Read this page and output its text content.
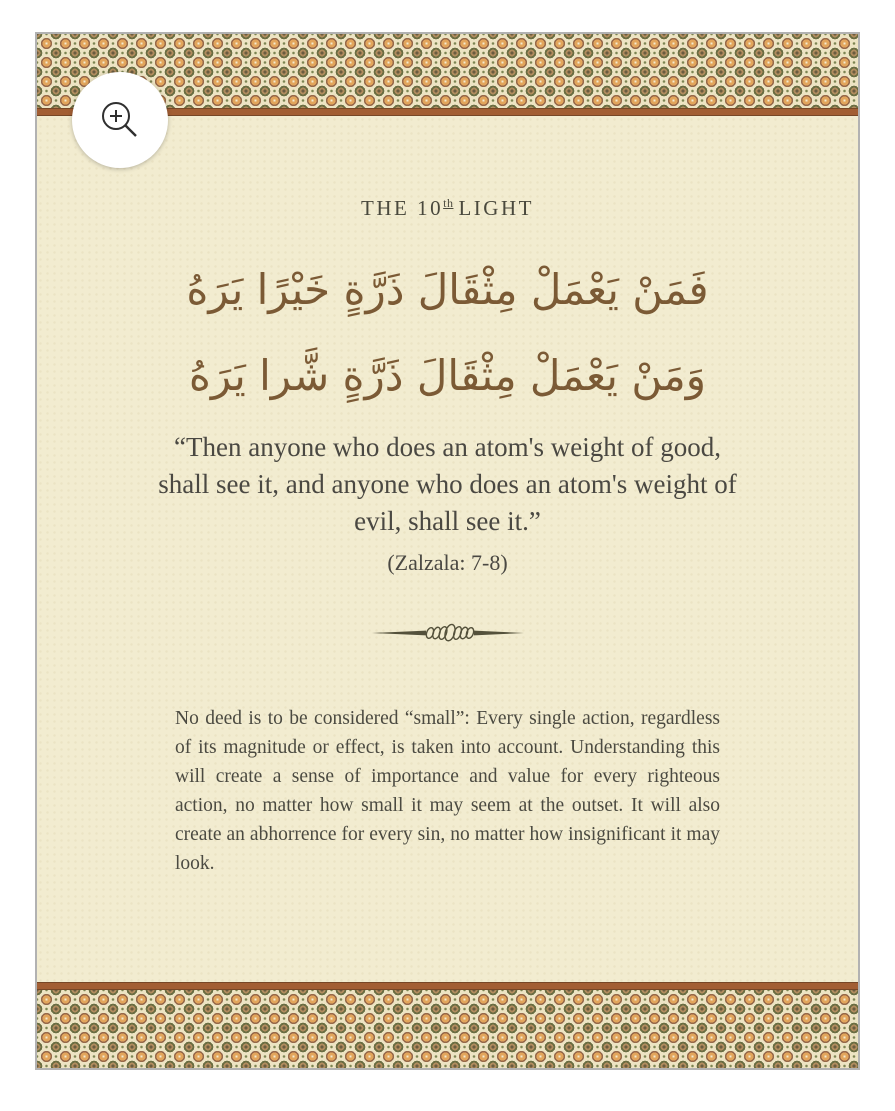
THE 10th LIGHT
فَمَنْ يَعْمَلْ مِثْقَالَ ذَرَّةٍ خَيْرًا يَرَهُ
وَمَنْ يَعْمَلْ مِثْقَالَ ذَرَّةٍ شَّرا يَرَهُ
“Then anyone who does an atom's weight of good, shall see it, and anyone who does an atom's weight of evil, shall see it.”
(Zalzala: 7-8)
No deed is to be considered “small”: Every single action, regardless of its magnitude or effect, is taken into account. Understanding this will create a sense of importance and value for every righteous action, no matter how small it may seem at the outset. It will also create an abhorrence for every sin, no matter how insignificant it may look.
